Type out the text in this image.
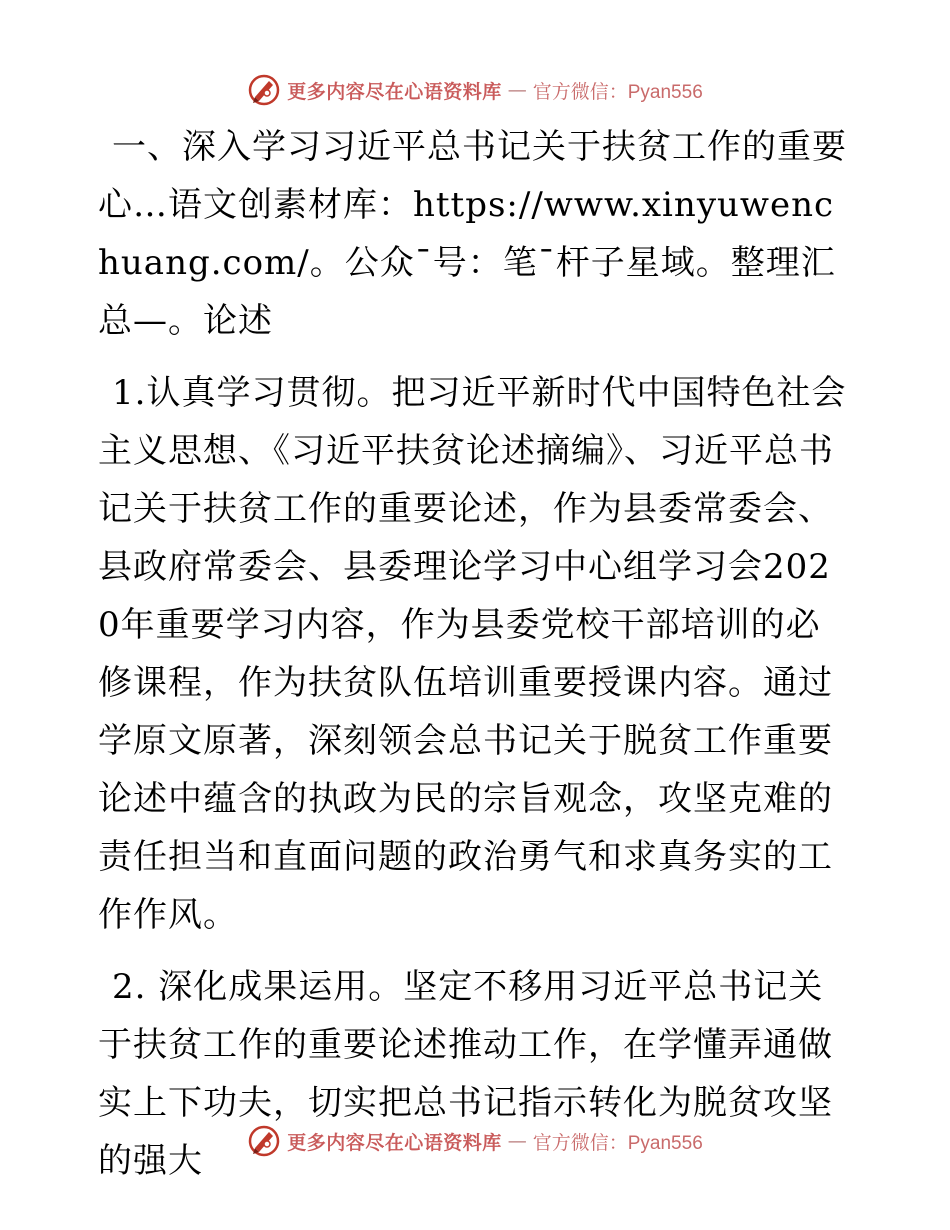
更多内容尽在心语资料库 — 官方微信：Pyan556

一、深入学习习近平总书记关于扶贫工作的重要心…语文创素材库：https://www.xinyuwenchuang.com/。公众¯号：笔¯杆子星域。整理汇总—。论述

1.认真学习贯彻。把习近平新时代中国特色社会主义思想、《习近平扶贫论述摘编》、习近平总书记关于扶贫工作的重要论述，作为县委常委会、县政府常委会、县委理论学习中心组学习会2020年重要学习内容，作为县委党校干部培训的必修课程，作为扶贫队伍培训重要授课内容。通过学原文原著，深刻领会总书记关于脱贫工作重要论述中蕴含的执政为民的宗旨观念，攻坚克难的责任担当和直面问题的政治勇气和求真务实的工作作风。

2. 深化成果运用。坚定不移用习近平总书记关于扶贫工作的重要论述推动工作，在学懂弄通做实上下功夫，切实把总书记指示转化为脱贫攻坚的强大	更多内容尽在心语资料库 — 官方微信：Pyan556
